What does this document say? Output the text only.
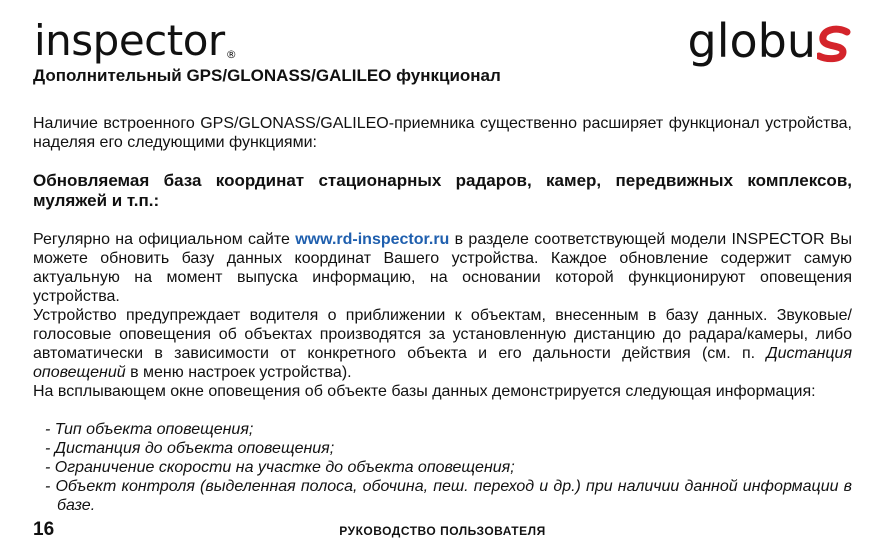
inspector®	globu
Дополнительный GPS/GLONASS/GALILEO функционал

Наличие встроенного GPS/GLONASS/GALILEO-приемника существенно расширяет функционал устройства, наделяя его следующими функциями:

Обновляемая база координат стационарных радаров, камер, передвижных комплексов, муляжей и т.п.:

Регулярно на официальном сайте www.rd-inspector.ru в разделе соответствующей модели INSPECTOR Вы можете обновить базу данных координат Вашего устройства. Каждое обновление содержит самую актуальную на момент выпуска информацию, на основании которой функционируют оповещения устройства.

Устройство предупреждает водителя о приближении к объектам, внесенным в базу данных. Звуковые/голосовые оповещения об объектах производятся за установленную дистанцию до радара/камеры, либо автоматически в зависимости от конкретного объекта и его дальности действия (см. п. Дистанция оповещений в меню настроек устройства).

На всплывающем окне оповещения об объекте базы данных демонстрируется следующая информация:

- Тип объекта оповещения;
- Дистанция до объекта оповещения;
- Ограничение скорости на участке до объекта оповещения;
- Объект контроля (выделенная полоса, обочина, пеш. переход и др.) при наличии данной информации в базе.
16	РУКОВОДСТВО ПОЛЬЗОВАТЕЛЯ
